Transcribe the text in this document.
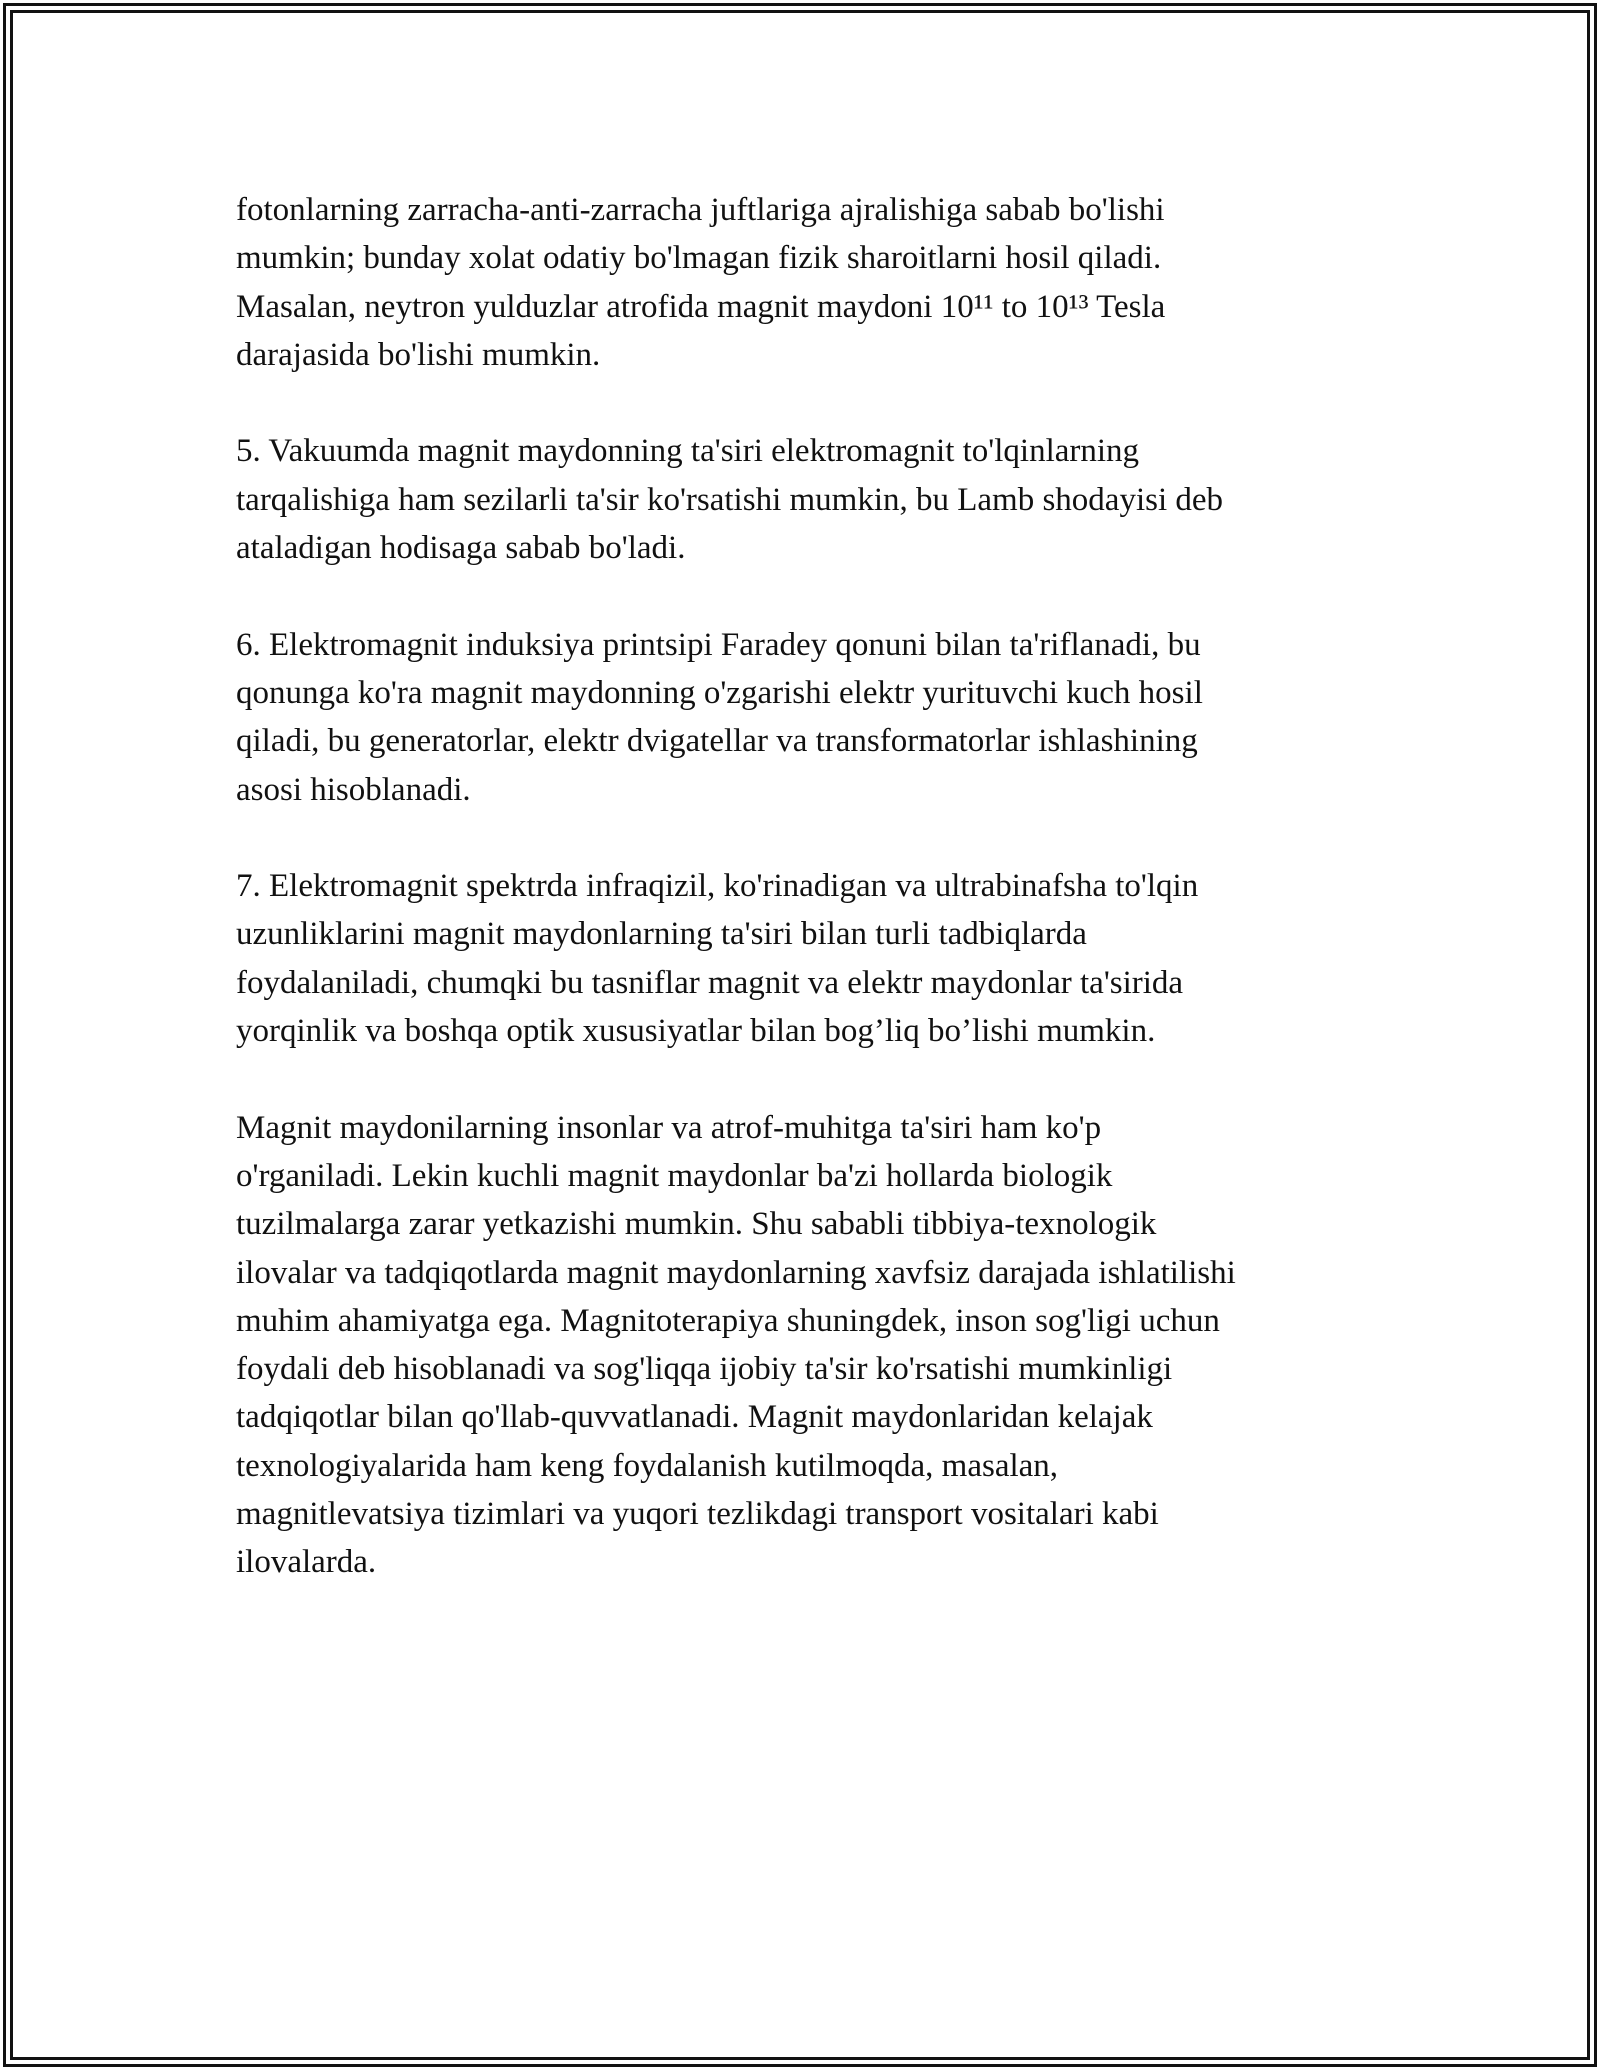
fotonlarning zarracha-anti-zarracha juftlariga ajralishiga sabab bo'lishi
mumkin; bunday xolat odatiy bo'lmagan fizik sharoitlarni hosil qiladi.
Masalan, neytron yulduzlar atrofida magnit maydoni 10¹¹ to 10¹³ Tesla
darajasida bo'lishi mumkin.

5. Vakuumda magnit maydonning ta'siri elektromagnit to'lqinlarning
tarqalishiga ham sezilarli ta'sir ko'rsatishi mumkin, bu Lamb shodayisi deb
ataladigan hodisaga sabab bo'ladi.

6. Elektromagnit induksiya printsipi Faradey qonuni bilan ta'riflanadi, bu
qonunga ko'ra magnit maydonning o'zgarishi elektr yurituvchi kuch hosil
qiladi, bu generatorlar, elektr dvigatellar va transformatorlar ishlashining
asosi hisoblanadi.

7. Elektromagnit spektrda infraqizil, ko'rinadigan va ultrabinafsha to'lqin
uzunliklarini magnit maydonlarning ta'siri bilan turli tadbiqlarda
foydalaniladi, chumqki bu tasniflar magnit va elektr maydonlar ta'sirida
yorqinlik va boshqa optik xususiyatlar bilan bog’liq bo’lishi mumkin.

Magnit maydonilarning insonlar va atrof-muhitga ta'siri ham ko'p
o'rganiladi. Lekin kuchli magnit maydonlar ba'zi hollarda biologik
tuzilmalarga zarar yetkazishi mumkin. Shu sababli tibbiya-texnologik
ilovalar va tadqiqotlarda magnit maydonlarning xavfsiz darajada ishlatilishi
muhim ahamiyatga ega. Magnitoterapiya shuningdek, inson sog'ligi uchun
foydali deb hisoblanadi va sog'liqqa ijobiy ta'sir ko'rsatishi mumkinligi
tadqiqotlar bilan qo'llab-quvvatlanadi. Magnit maydonlaridan kelajak
texnologiyalarida ham keng foydalanish kutilmoqda, masalan,
magnitlevatsiya tizimlari va yuqori tezlikdagi transport vositalari kabi
ilovalarda.
